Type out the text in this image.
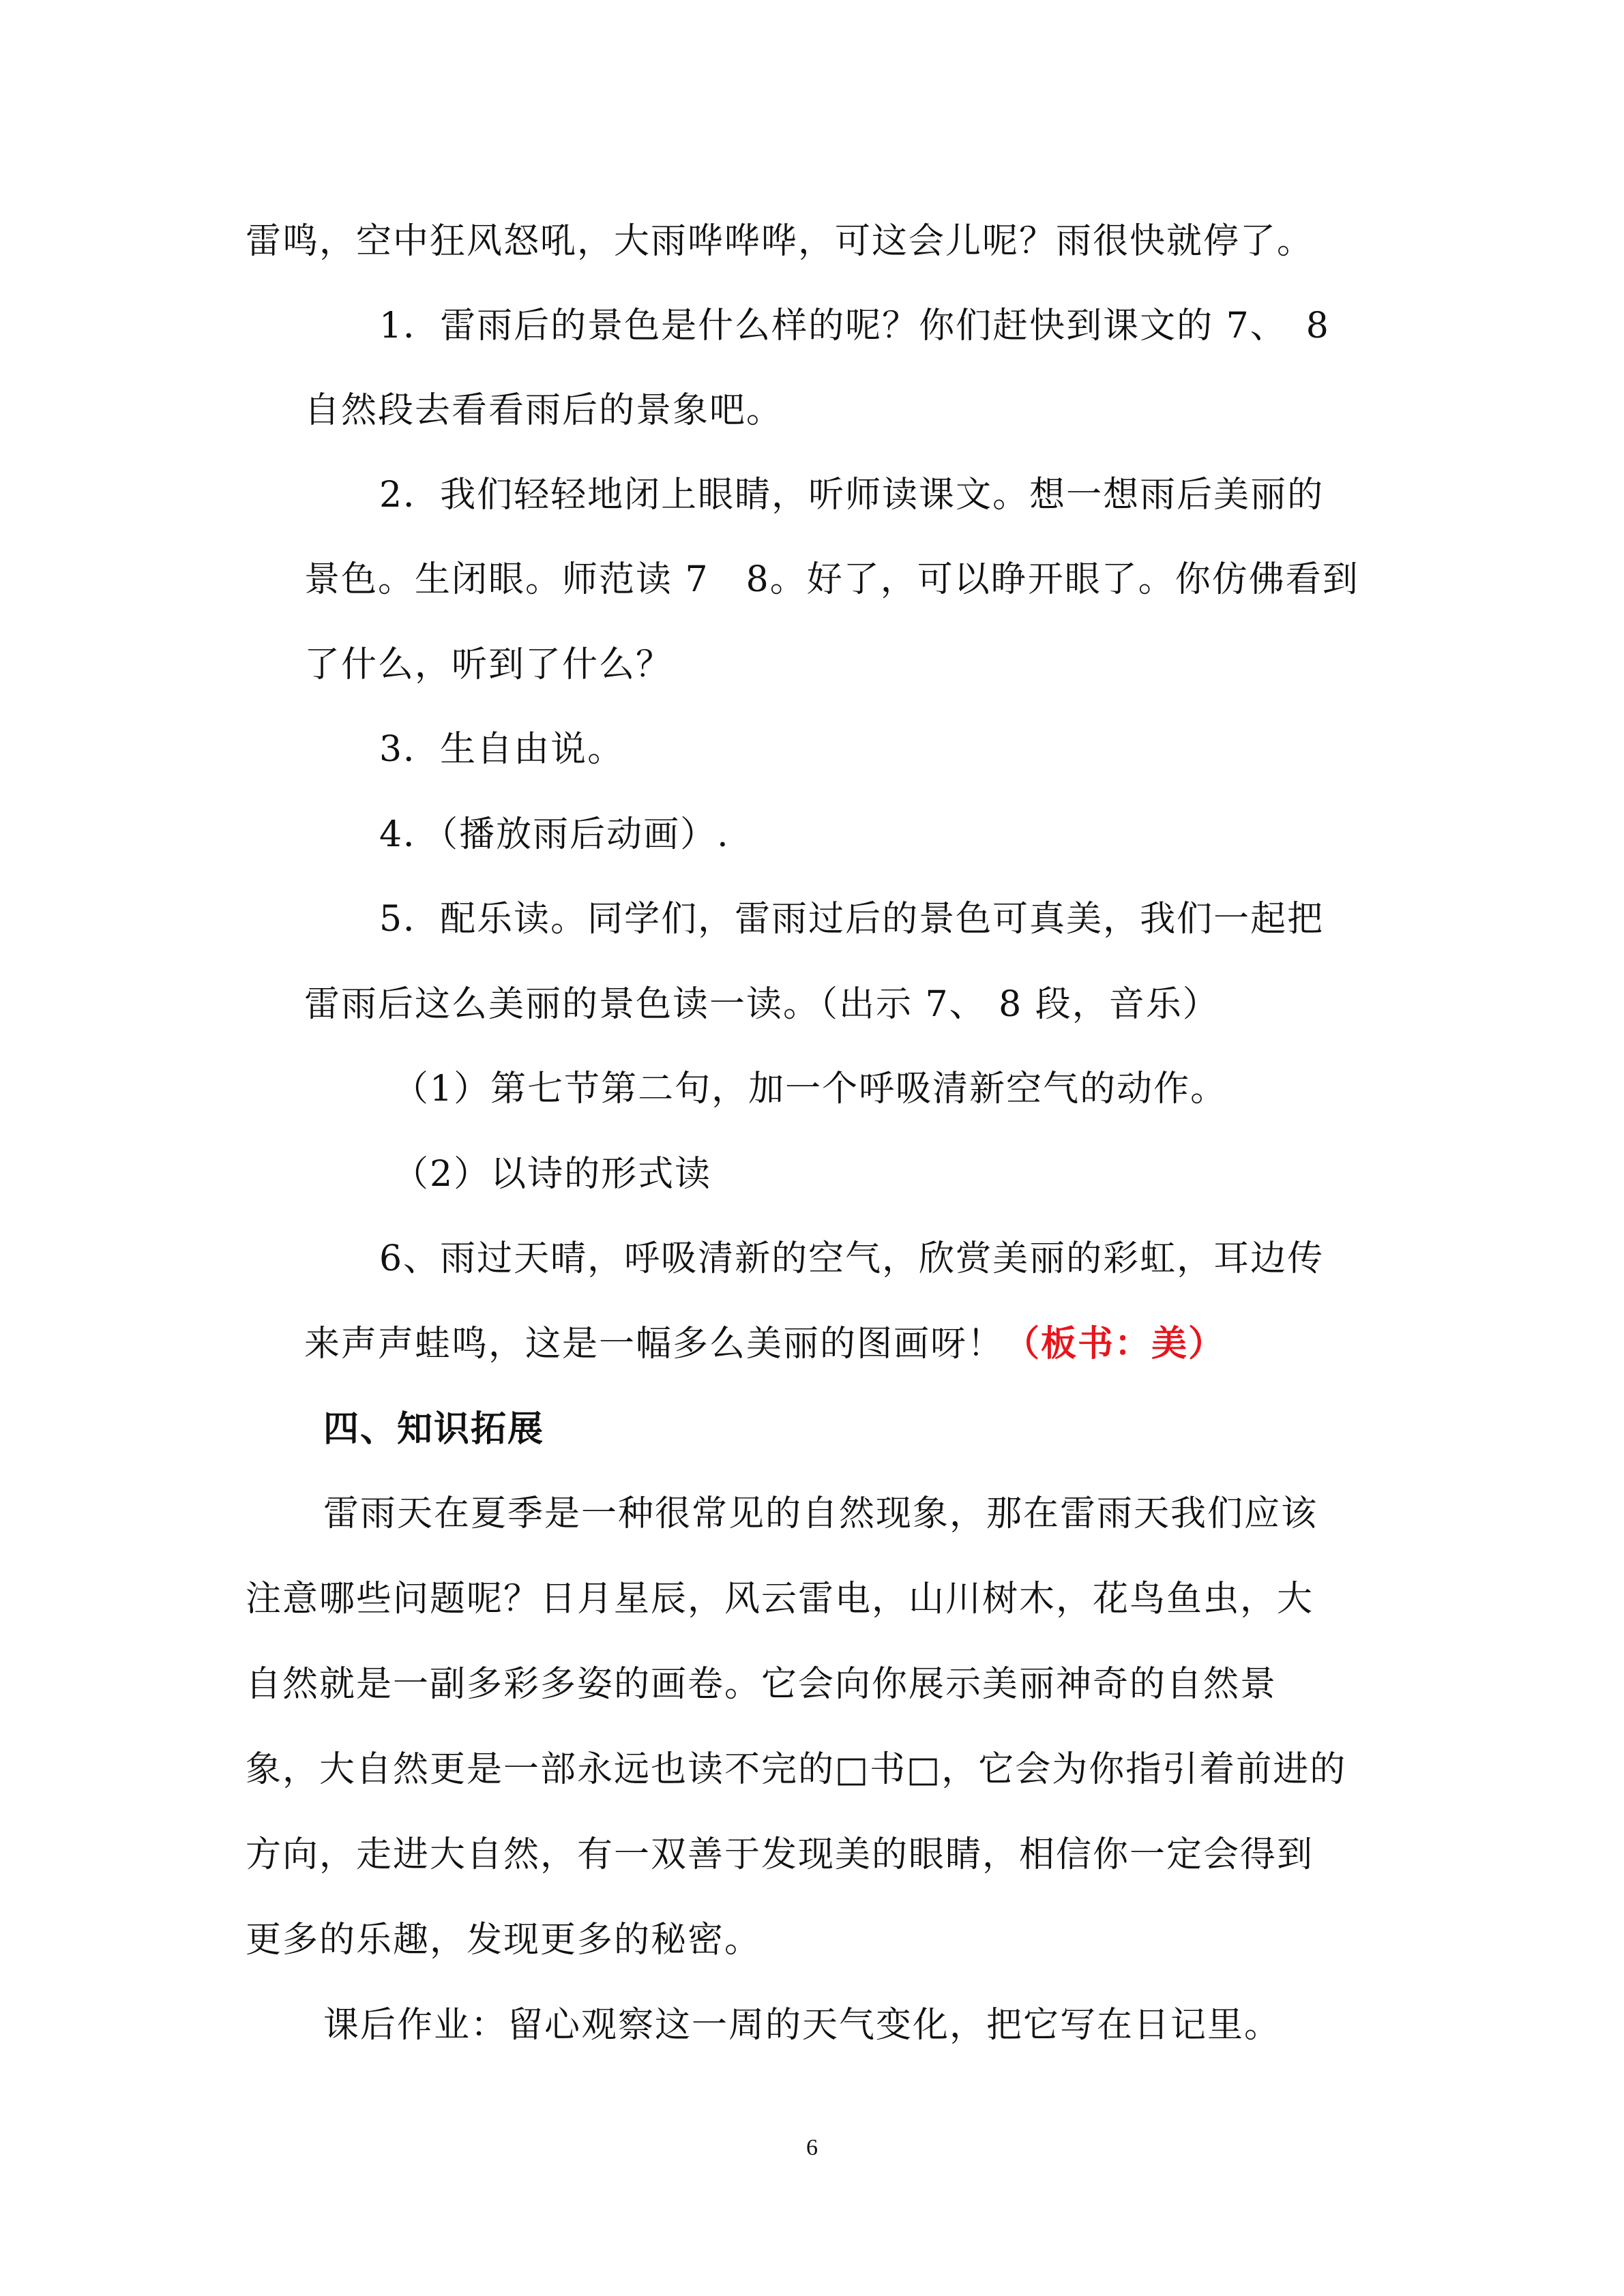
雷鸣，空中狂风怒吼，大雨哗哗哗，可这会儿呢？雨很快就停了。
1．雷雨后的景色是什么样的呢？你们赶快到课文的 7、　8
自然段去看看雨后的景象吧。
2．我们轻轻地闭上眼睛，听师读课文。想一想雨后美丽的
景色。生闭眼。师范读 7　8。好了，可以睁开眼了。你仿佛看到
了什么，听到了什么？
3．生自由说。
4．（播放雨后动画）.
5．配乐读。同学们，雷雨过后的景色可真美，我们一起把
雷雨后这么美丽的景色读一读。（出示 7、 8 段，音乐）
（1）第七节第二句，加一个呼吸清新空气的动作。
（2）以诗的形式读
6、雨过天晴，呼吸清新的空气，欣赏美丽的彩虹，耳边传
来声声蛙鸣，这是一幅多么美丽的图画呀！（板书：美）
四、知识拓展
雷雨天在夏季是一种很常见的自然现象，那在雷雨天我们应该
注意哪些问题呢？日月星辰，风云雷电，山川树木，花鸟鱼虫，大
自然就是一副多彩多姿的画卷。它会向你展示美丽神奇的自然景
象，大自然更是一部永远也读不完的□书□，它会为你指引着前进的
方向，走进大自然，有一双善于发现美的眼睛，相信你一定会得到
更多的乐趣，发现更多的秘密。
课后作业：留心观察这一周的天气变化，把它写在日记里。
6
